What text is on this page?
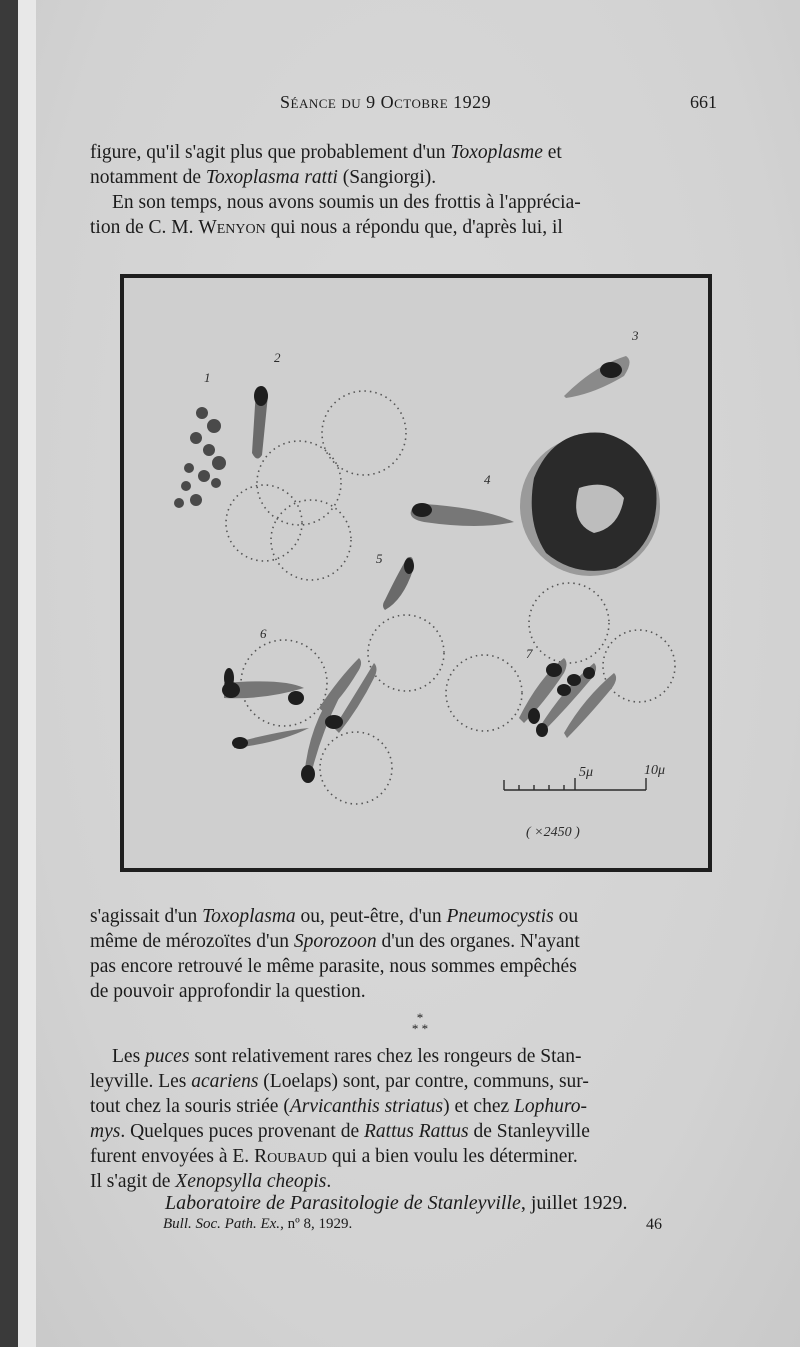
Séance du 9 Octobre 1929	661

figure, qu'il s'agit plus que probablement d'un Toxoplasme et

notamment de Toxoplasma ratti (Sangiorgi).

En son temps, nous avons soumis un des frottis à l'apprécia-

tion de C. M. Wenyon qui nous a répondu que, d'après lui, il

1
2
3
4
5
6
7
5μ	10μ
( ×2450 )

s'agissait d'un Toxoplasma ou, peut-être, d'un Pneumocystis ou

même de mérozoïtes d'un Sporozoon d'un des organes. N'ayant

pas encore retrouvé le même parasite, nous sommes empêchés

de pouvoir approfondir la question.

*
* *

Les puces sont relativement rares chez les rongeurs de Stan-

leyville. Les acariens (Loelaps) sont, par contre, communs, sur-

tout chez la souris striée (Arvicanthis striatus) et chez Lophuro-

mys. Quelques puces provenant de Rattus Rattus de Stanleyville

furent envoyées à E. Roubaud qui a bien voulu les déterminer.

Il s'agit de Xenopsylla cheopis.

Laboratoire de Parasitologie de Stanleyville, juillet 1929.
Bull. Soc. Path. Ex., nº 8, 1929.	46
